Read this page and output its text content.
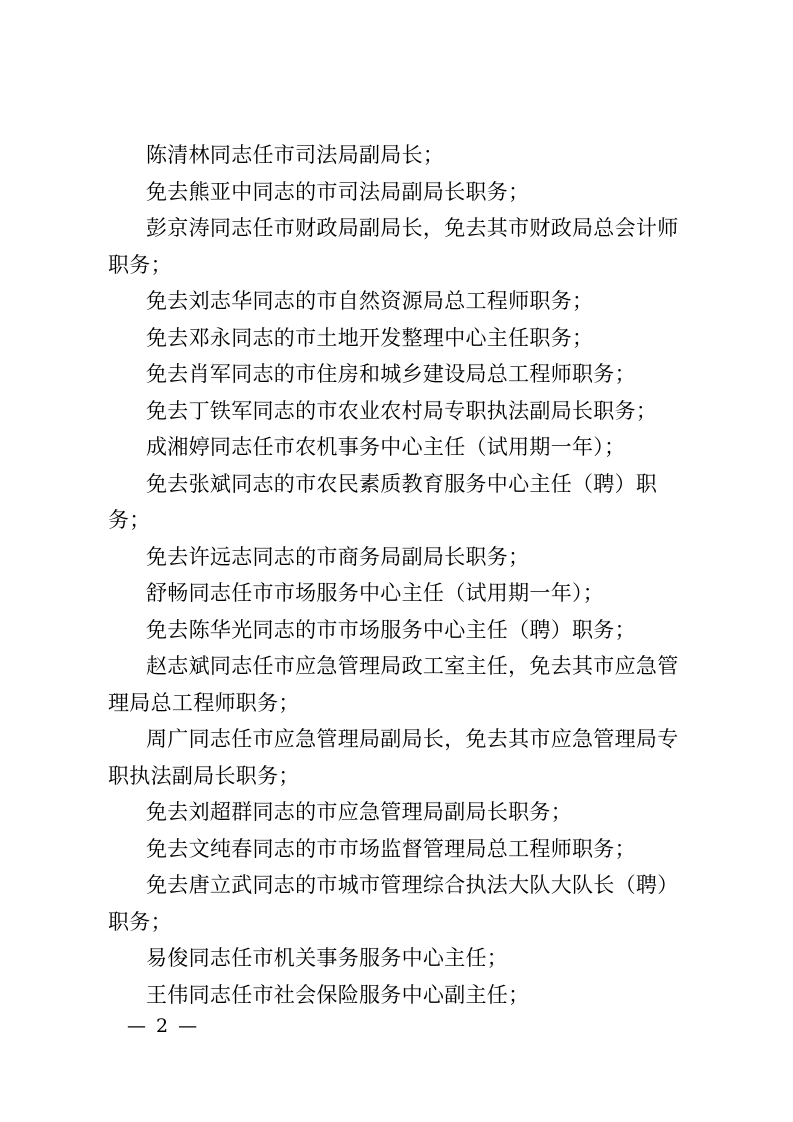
陈清林同志任市司法局副局长；

免去熊亚中同志的市司法局副局长职务；

彭京涛同志任市财政局副局长，免去其市财政局总会计师职务；

免去刘志华同志的市自然资源局总工程师职务；

免去邓永同志的市土地开发整理中心主任职务；

免去肖军同志的市住房和城乡建设局总工程师职务；

免去丁铁军同志的市农业农村局专职执法副局长职务；

成湘婷同志任市农机事务中心主任（试用期一年）；

免去张斌同志的市农民素质教育服务中心主任（聘）职务；

免去许远志同志的市商务局副局长职务；

舒畅同志任市市场服务中心主任（试用期一年）；

免去陈华光同志的市市场服务中心主任（聘）职务；

赵志斌同志任市应急管理局政工室主任，免去其市应急管理局总工程师职务；

周广同志任市应急管理局副局长，免去其市应急管理局专职执法副局长职务；

免去刘超群同志的市应急管理局副局长职务；

免去文纯春同志的市市场监督管理局总工程师职务；

免去唐立武同志的市城市管理综合执法大队大队长（聘）职务；

易俊同志任市机关事务服务中心主任；

王伟同志任市社会保险服务中心副主任；

— 2 —
